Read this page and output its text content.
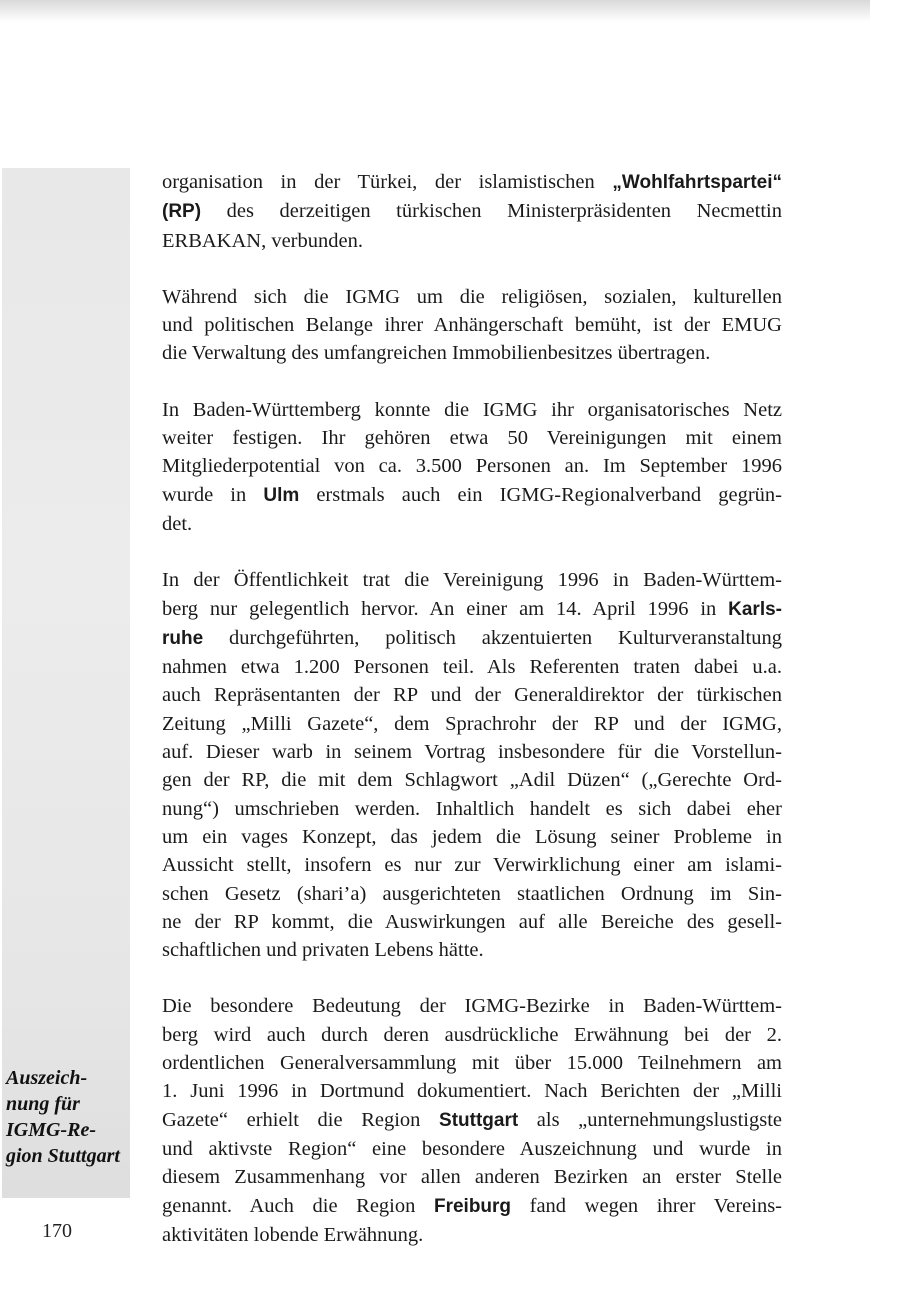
Auszeich-
nung für
IGMG-Re-
gion Stuttgart
170

organisation in der Türkei, der islamistischen „Wohlfahrtspartei“
(RP) des derzeitigen türkischen Ministerpräsidenten Necmettin
ERBAKAN, verbunden.

Während sich die IGMG um die religiösen, sozialen, kulturellen
und politischen Belange ihrer Anhängerschaft bemüht, ist der EMUG
die Verwaltung des umfangreichen Immobilienbesitzes übertragen.

In Baden-Württemberg konnte die IGMG ihr organisatorisches Netz
weiter festigen. Ihr gehören etwa 50 Vereinigungen mit einem
Mitgliederpotential von ca. 3.500 Personen an. Im September 1996
wurde in Ulm erstmals auch ein IGMG-Regionalverband gegrün-
det.

In der Öffentlichkeit trat die Vereinigung 1996 in Baden-Württem-
berg nur gelegentlich hervor. An einer am 14. April 1996 in Karls-
ruhe durchgeführten, politisch akzentuierten Kulturveranstaltung
nahmen etwa 1.200 Personen teil. Als Referenten traten dabei u.a.
auch Repräsentanten der RP und der Generaldirektor der türkischen
Zeitung „Milli Gazete“, dem Sprachrohr der RP und der IGMG,
auf. Dieser warb in seinem Vortrag insbesondere für die Vorstellun-
gen der RP, die mit dem Schlagwort „Adil Düzen“ („Gerechte Ord-
nung“) umschrieben werden. Inhaltlich handelt es sich dabei eher
um ein vages Konzept, das jedem die Lösung seiner Probleme in
Aussicht stellt, insofern es nur zur Verwirklichung einer am islami-
schen Gesetz (shari’a) ausgerichteten staatlichen Ordnung im Sin-
ne der RP kommt, die Auswirkungen auf alle Bereiche des gesell-
schaftlichen und privaten Lebens hätte.

Die besondere Bedeutung der IGMG-Bezirke in Baden-Württem-
berg wird auch durch deren ausdrückliche Erwähnung bei der 2.
ordentlichen Generalversammlung mit über 15.000 Teilnehmern am
1. Juni 1996 in Dortmund dokumentiert. Nach Berichten der „Milli
Gazete“ erhielt die Region Stuttgart als „unternehmungslustigste
und aktivste Region“ eine besondere Auszeichnung und wurde in
diesem Zusammenhang vor allen anderen Bezirken an erster Stelle
genannt. Auch die Region Freiburg fand wegen ihrer Vereins-
aktivitäten lobende Erwähnung.
